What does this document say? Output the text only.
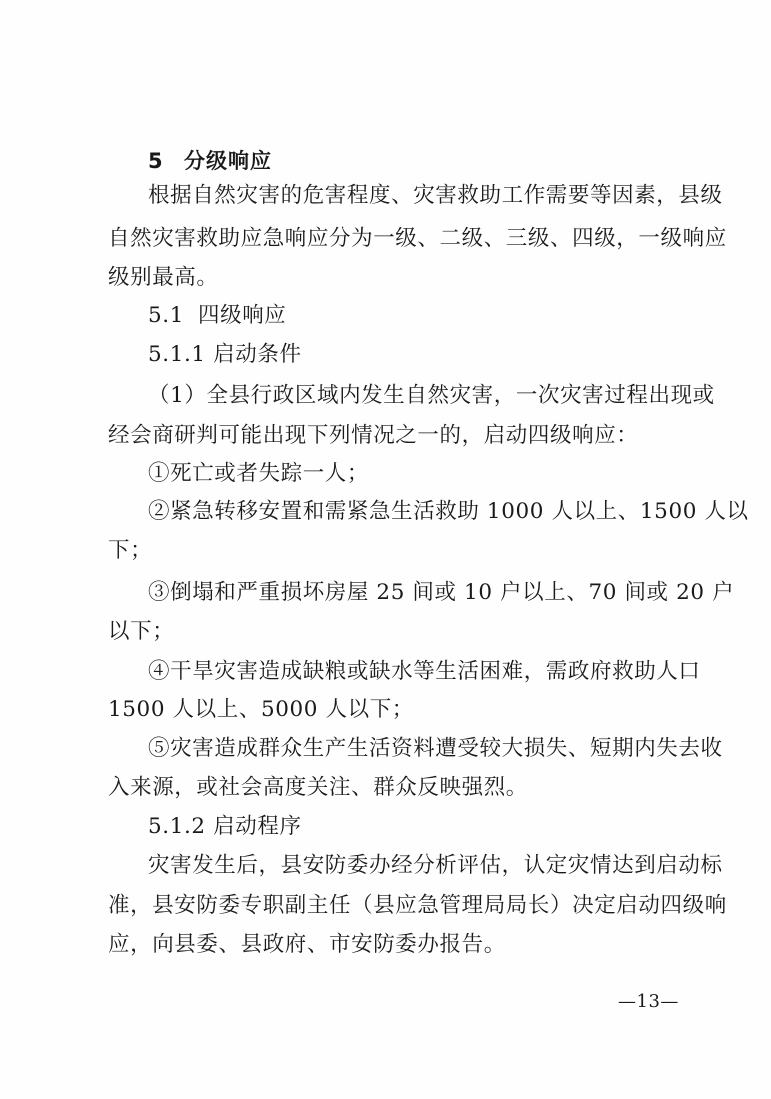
5 分级响应
根据自然灾害的危害程度、灾害救助工作需要等因素，县级
自然灾害救助应急响应分为一级、二级、三级、四级，一级响应
级别最高。
5.1 四级响应
5.1.1 启动条件
（1）全县行政区域内发生自然灾害，一次灾害过程出现或
经会商研判可能出现下列情况之一的，启动四级响应：
①死亡或者失踪一人；
②紧急转移安置和需紧急生活救助 1000 人以上、1500 人以
下；
③倒塌和严重损坏房屋 25 间或 10 户以上、70 间或 20 户
以下；
④干旱灾害造成缺粮或缺水等生活困难，需政府救助人口
1500 人以上、5000 人以下；
⑤灾害造成群众生产生活资料遭受较大损失、短期内失去收
入来源，或社会高度关注、群众反映强烈。
5.1.2 启动程序
灾害发生后，县安防委办经分析评估，认定灾情达到启动标
准，县安防委专职副主任（县应急管理局局长）决定启动四级响
应，向县委、县政府、市安防委办报告。
—13—
